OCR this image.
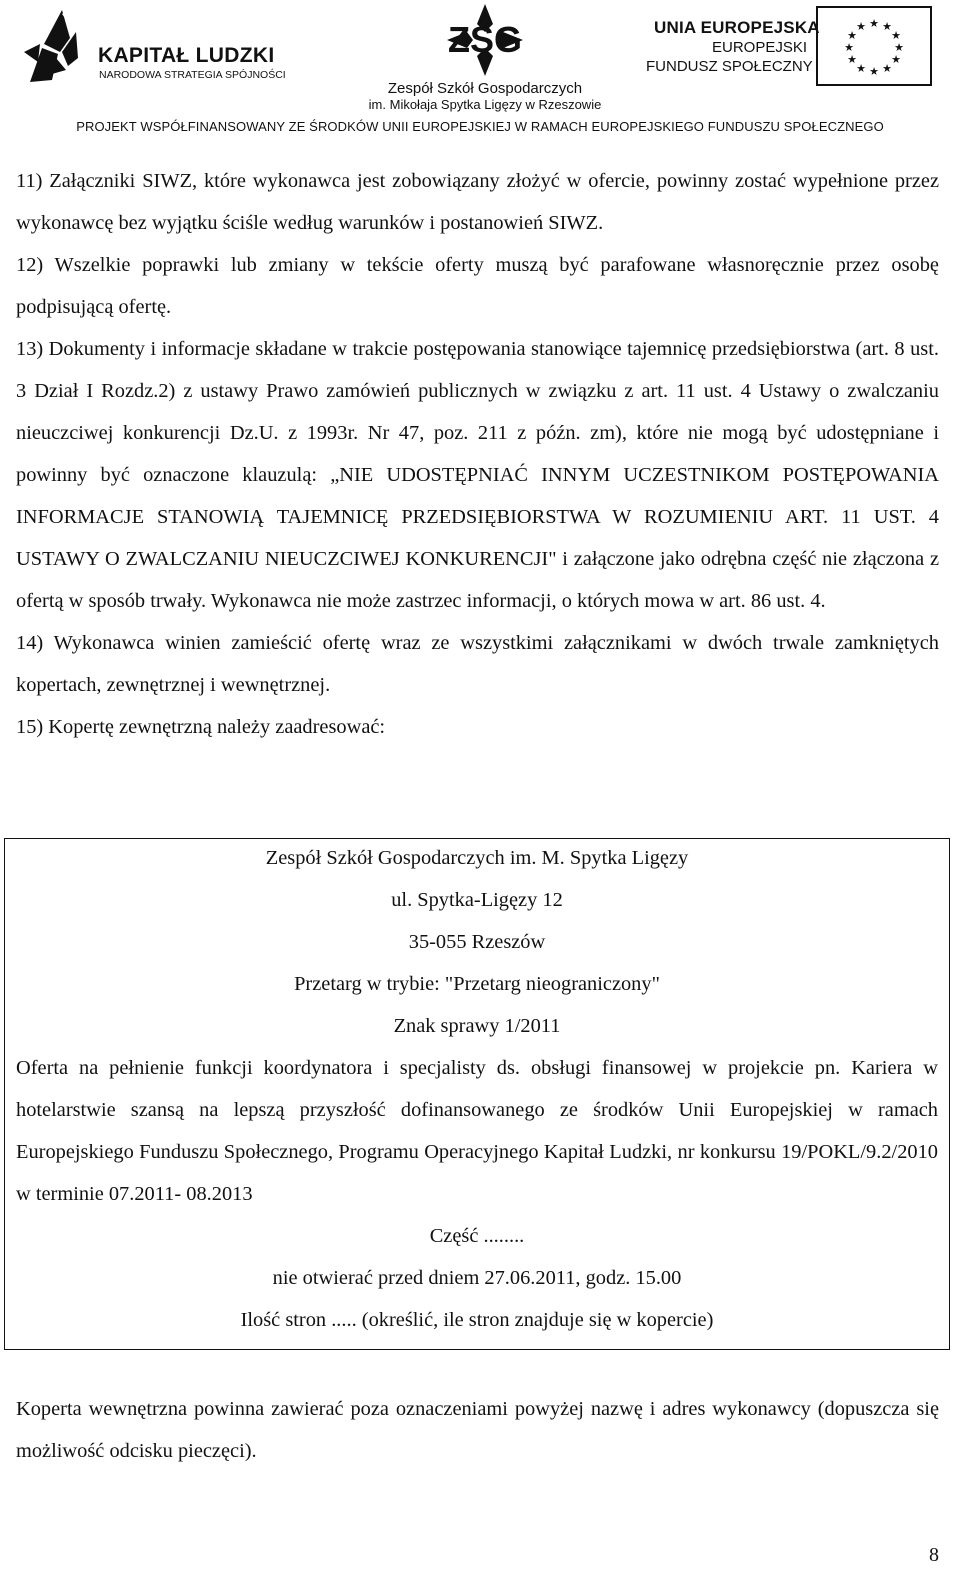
KAPITAŁ LUDZKI
NARODOWA STRATEGIA SPÓJNOŚCI
ZSG
Zespół Szkół Gospodarczych
im. Mikołaja Spytka Ligęzy w Rzeszowie
UNIA EUROPEJSKA
EUROPEJSKI
FUNDUSZ SPOŁECZNY
★ ★
★
★
★
★
★
★
★
★
★
★
PROJEKT WSPÓŁFINANSOWANY ZE ŚRODKÓW UNII EUROPEJSKIEJ W RAMACH EUROPEJSKIEGO FUNDUSZU SPOŁECZNEGO

11) Załączniki SIWZ, które wykonawca jest zobowiązany złożyć w ofercie, powinny zostać wypełnione przez wykonawcę bez wyjątku ściśle według warunków i postanowień SIWZ.

12) Wszelkie poprawki lub zmiany w tekście oferty muszą być parafowane własnoręcznie przez osobę podpisującą ofertę.

13) Dokumenty i informacje składane w trakcie postępowania stanowiące tajemnicę przedsiębiorstwa (art. 8 ust. 3 Dział I Rozdz.2) z ustawy Prawo zamówień publicznych w związku z art. 11 ust. 4 Ustawy o zwalczaniu nieuczciwej konkurencji Dz.U. z 1993r. Nr 47, poz. 211 z późn. zm), które nie mogą być udostępniane i powinny być oznaczone klauzulą: „NIE UDOSTĘPNIAĆ INNYM UCZESTNIKOM POSTĘPOWANIA INFORMACJE STANOWIĄ TAJEMNICĘ PRZEDSIĘBIORSTWA W ROZUMIENIU ART. 11 UST. 4 USTAWY O ZWALCZANIU NIEUCZCIWEJ KONKURENCJI" i załączone jako odrębna część nie złączona z ofertą w sposób trwały. Wykonawca nie może zastrzec informacji, o których mowa w art. 86 ust. 4.

14) Wykonawca winien zamieścić ofertę wraz ze wszystkimi załącznikami w dwóch trwale zamkniętych kopertach, zewnętrznej i wewnętrznej.

15) Kopertę zewnętrzną należy zaadresować:

Zespół Szkół Gospodarczych im. M. Spytka Ligęzy

ul. Spytka-Ligęzy 12

35-055 Rzeszów

Przetarg w trybie: "Przetarg nieograniczony"

Znak sprawy 1/2011

Oferta na pełnienie funkcji koordynatora i specjalisty ds. obsługi finansowej w projekcie pn. Kariera w hotelarstwie szansą na lepszą przyszłość dofinansowanego ze środków Unii Europejskiej w ramach Europejskiego Funduszu Społecznego, Programu Operacyjnego Kapitał Ludzki, nr konkursu 19/POKL/9.2/2010 w terminie 07.2011- 08.2013

Część ........

nie otwierać przed dniem 27.06.2011, godz. 15.00

Ilość stron ..... (określić, ile stron znajduje się w kopercie)

Koperta wewnętrzna powinna zawierać poza oznaczeniami powyżej nazwę i adres wykonawcy (dopuszcza się możliwość odcisku pieczęci).

8
